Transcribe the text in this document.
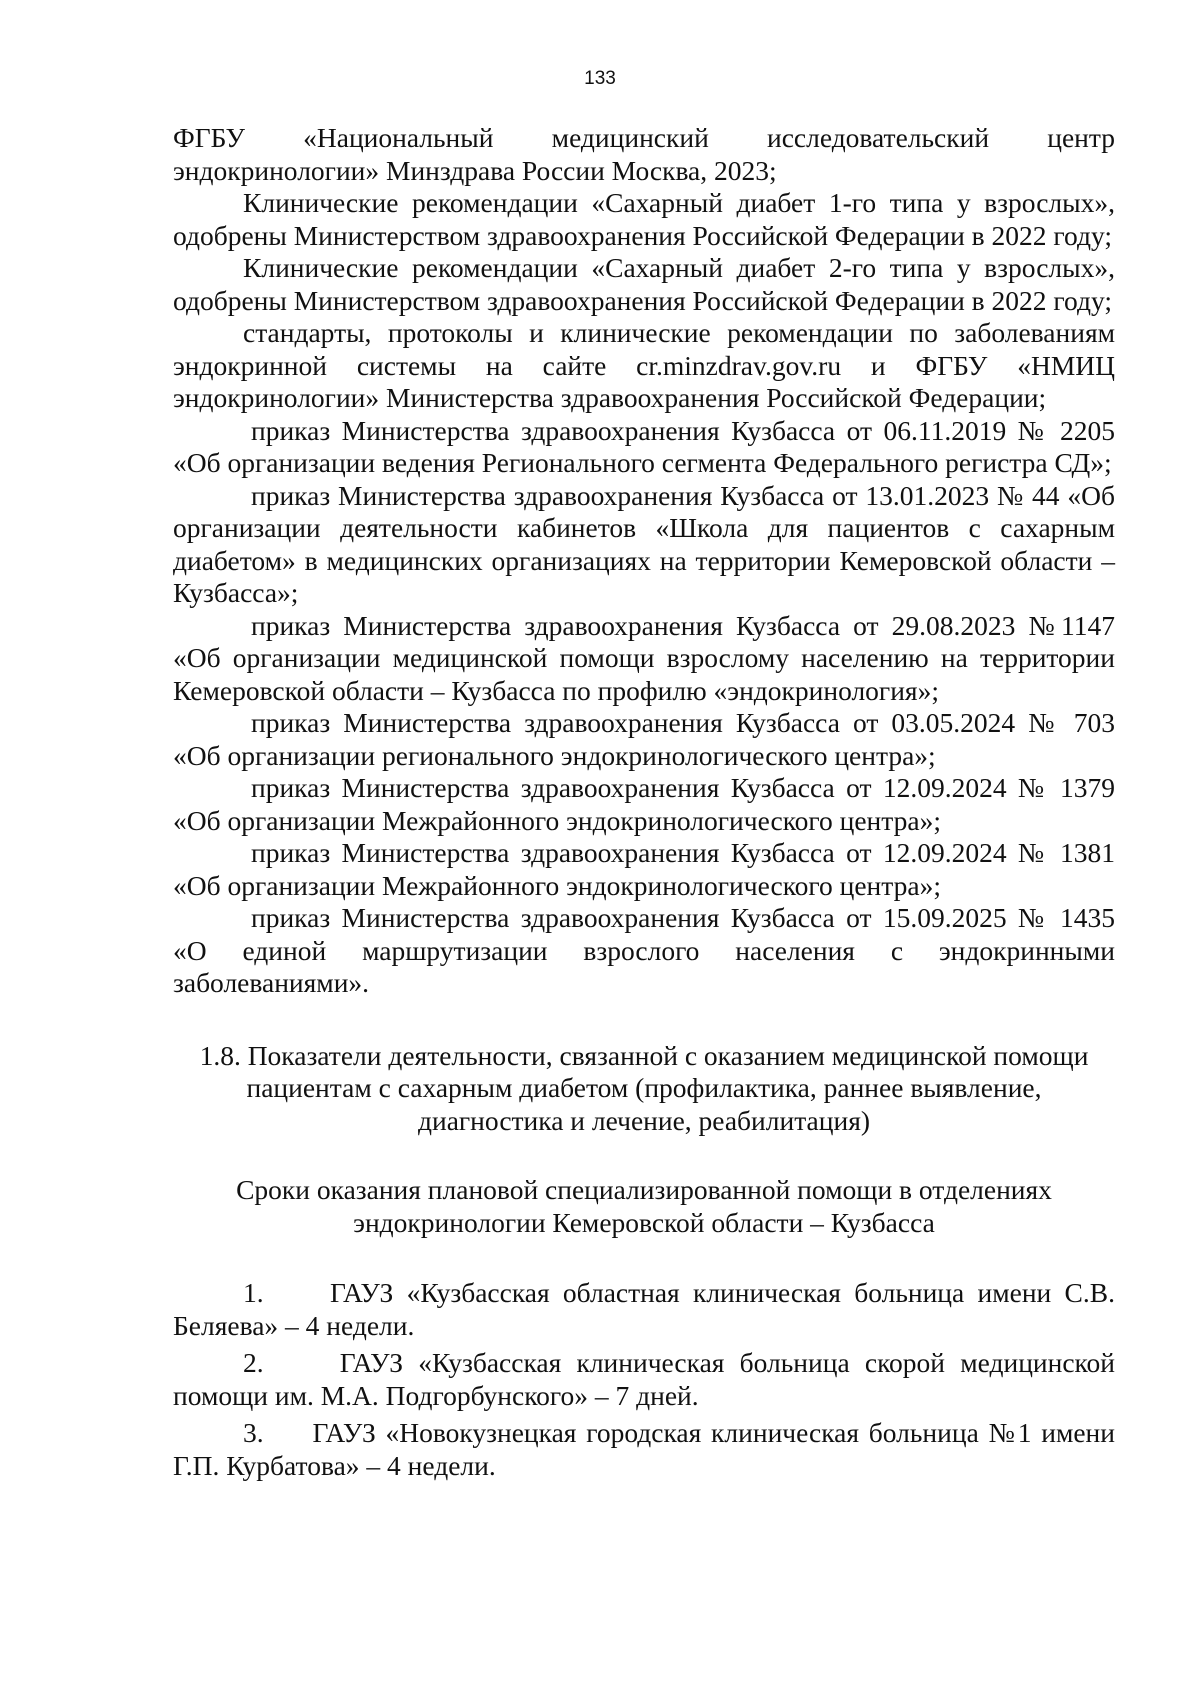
133

ФГБУ «Национальный медицинский исследовательский центр эндокринологии» Минздрава России Москва, 2023;

Клинические рекомендации «Сахарный диабет 1-го типа у взрослых», одобрены Министерством здравоохранения Российской Федерации в 2022 году;

Клинические рекомендации «Сахарный диабет 2-го типа у взрослых», одобрены Министерством здравоохранения Российской Федерации в 2022 году;

стандарты, протоколы и клинические рекомендации по заболеваниям эндокринной системы на сайте cr.minzdrav.gov.ru и ФГБУ «НМИЦ эндокринологии» Министерства здравоохранения Российской Федерации;

приказ Министерства здравоохранения Кузбасса от 06.11.2019 № 2205 «Об организации ведения Регионального сегмента Федерального регистра СД»;

приказ Министерства здравоохранения Кузбасса от 13.01.2023 № 44 «Об организации деятельности кабинетов «Школа для пациентов с сахарным диабетом» в медицинских организациях на территории Кемеровской области – Кузбасса»;

приказ Министерства здравоохранения Кузбасса от 29.08.2023 №1147 «Об организации медицинской помощи взрослому населению на территории Кемеровской области – Кузбасса по профилю «эндокринология»;

приказ Министерства здравоохранения Кузбасса от 03.05.2024 № 703 «Об организации регионального эндокринологического центра»;

приказ Министерства здравоохранения Кузбасса от 12.09.2024 № 1379 «Об организации Межрайонного эндокринологического центра»;

приказ Министерства здравоохранения Кузбасса от 12.09.2024 № 1381 «Об организации Межрайонного эндокринологического центра»;

приказ Министерства здравоохранения Кузбасса от 15.09.2025 № 1435 «О единой маршрутизации взрослого населения с эндокринными заболеваниями».

1.8. Показатели деятельности, связанной с оказанием медицинской помощи пациентам с сахарным диабетом (профилактика, раннее выявление, диагностика и лечение, реабилитация)

Сроки оказания плановой специализированной помощи в отделениях эндокринологии Кемеровской области – Кузбасса

1.     ГАУЗ «Кузбасская областная клиническая больница имени С.В. Беляева» – 4 недели.

2.     ГАУЗ «Кузбасская клиническая больница скорой медицинской помощи им. М.А. Подгорбунского» – 7 дней.

3.     ГАУЗ «Новокузнецкая городская клиническая больница №1 имени Г.П. Курбатова» – 4 недели.
